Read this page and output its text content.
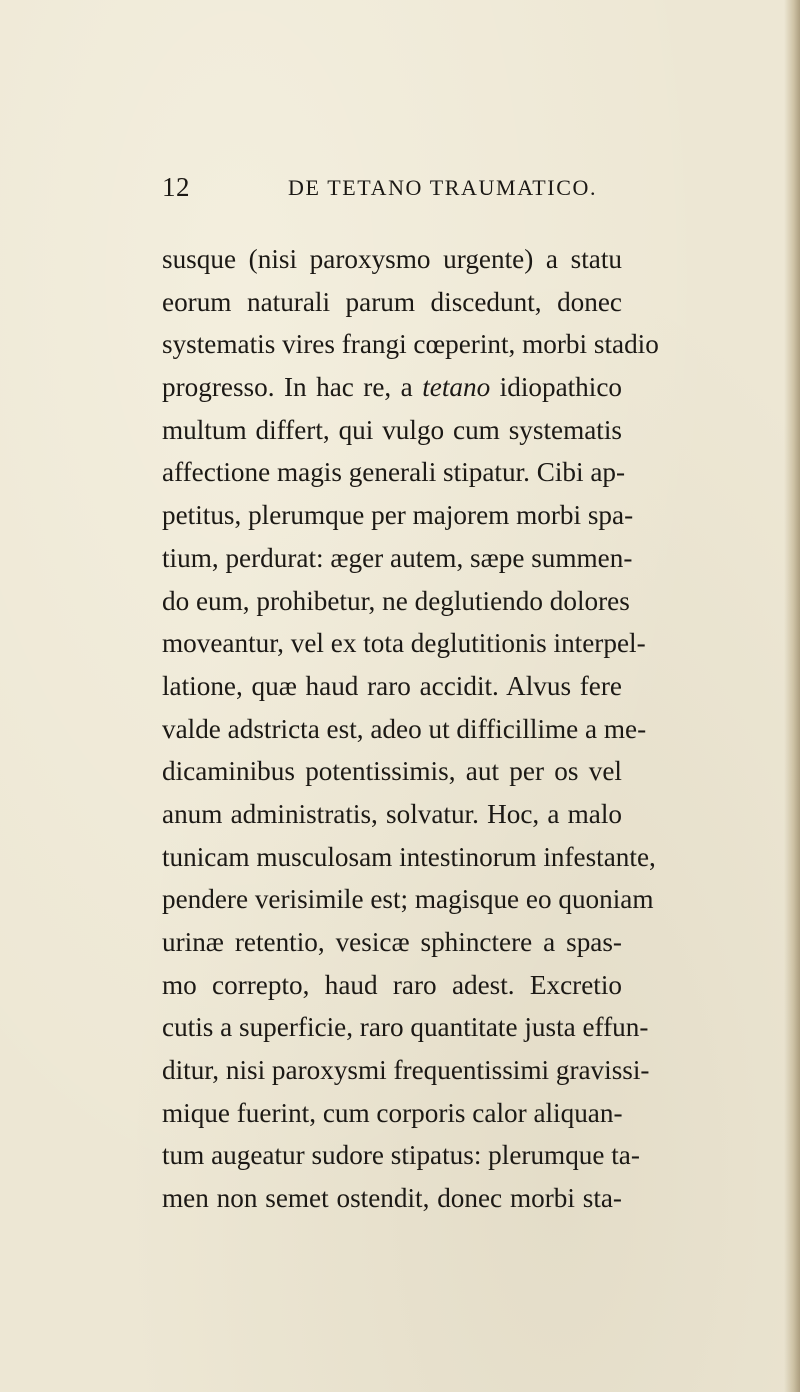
12	DE TETANO TRAUMATICO.
susque (nisi paroxysmo urgente) a statu
eorum naturali parum discedunt, donec
systematis vires frangi cœperint, morbi stadio
progresso. In hac re, a tetano idiopathico
multum differt, qui vulgo cum systematis
affectione magis generali stipatur. Cibi ap-
petitus, plerumque per majorem morbi spa-
tium, perdurat: æger autem, sæpe summen-
do eum, prohibetur, ne deglutiendo dolores
moveantur, vel ex tota deglutitionis interpel-
latione, quæ haud raro accidit. Alvus fere
valde adstricta est, adeo ut difficillime a me-
dicaminibus potentissimis, aut per os vel
anum administratis, solvatur. Hoc, a malo
tunicam musculosam intestinorum infestante,
pendere verisimile est; magisque eo quoniam
urinæ retentio, vesicæ sphinctere a spas-
mo correpto, haud raro adest. Excretio
cutis a superficie, raro quantitate justa effun-
ditur, nisi paroxysmi frequentissimi gravissi-
mique fuerint, cum corporis calor aliquan-
tum augeatur sudore stipatus: plerumque ta-
men non semet ostendit, donec morbi sta-
